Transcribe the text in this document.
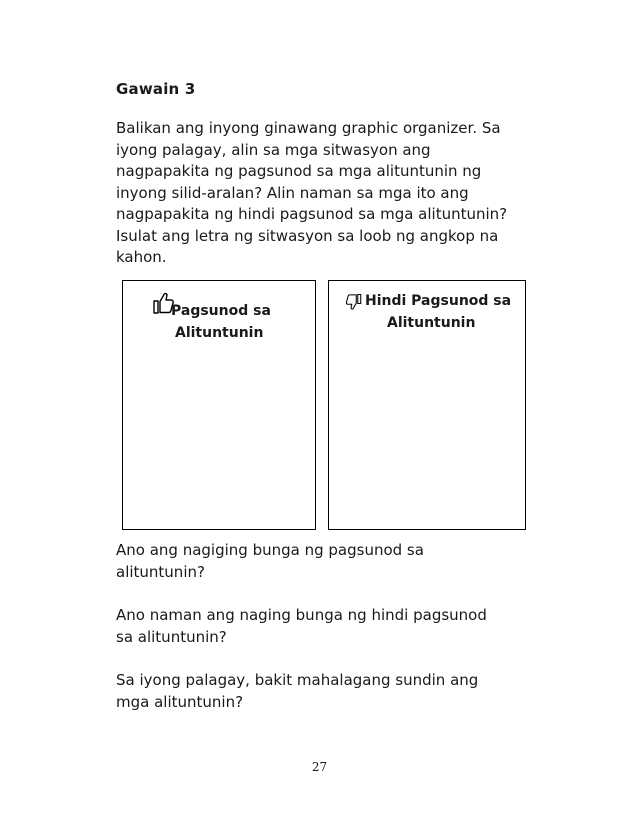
Gawain 3

Balikan ang inyong ginawang graphic organizer. Sa
iyong palagay, alin sa mga sitwasyon ang
nagpapakita ng pagsunod sa mga alituntunin ng
inyong silid-aralan? Alin naman sa mga ito ang
nagpapakita ng hindi pagsunod sa mga alituntunin?
Isulat ang letra ng sitwasyon sa loob ng angkop na
kahon.

Pagsunod sa
Alituntunin

Hindi Pagsunod sa
Alituntunin

Ano ang nagiging bunga ng pagsunod sa
alituntunin?
Ano naman ang naging bunga ng hindi pagsunod
sa alituntunin?
Sa iyong palagay, bakit mahalagang sundin ang
mga alituntunin?

27
